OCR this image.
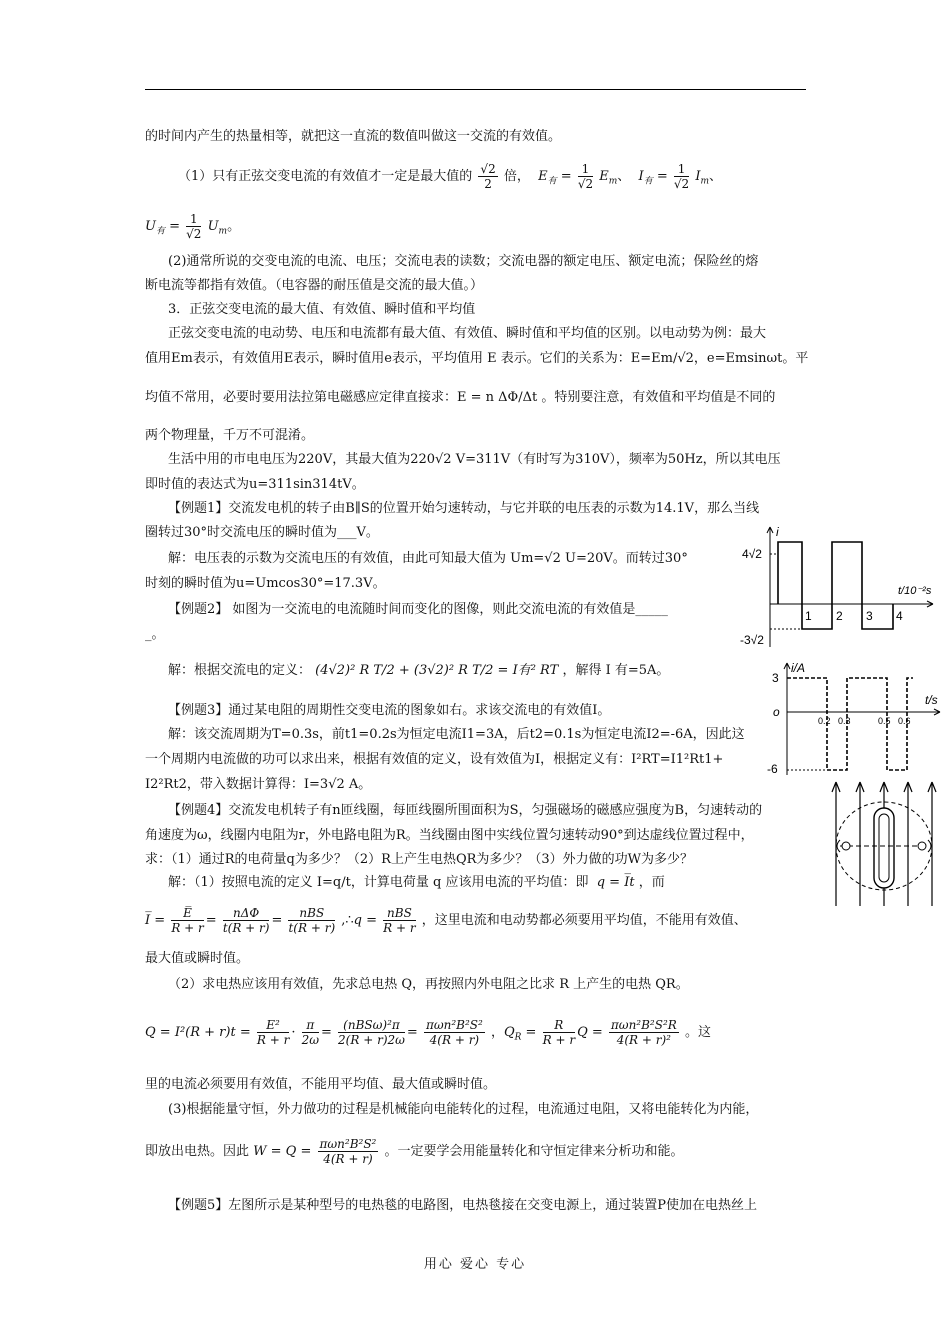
的时间内产生的热量相等，就把这一直流的数值叫做这一交流的有效值。
（1）只有正弦交变电流的有效值才一定是最大值的 $\frac{√2}{2}$ 倍，  $E_有 = \frac{1}{√2} E_m$、  $I_有 = \frac{1}{√2} I_m$、
$U_有 = \frac{1}{√2} U_m$。
(2)通常所说的交变电流的电流、电压；交流电表的读数；交流电器的额定电压、额定电流；保险丝的熔
断电流等都指有效值。（电容器的耐压值是交流的最大值。）
3．正弦交变电流的最大值、有效值、瞬时值和平均值
正弦交变电流的电动势、电压和电流都有最大值、有效值、瞬时值和平均值的区别。以电动势为例：最大
值用Em表示，有效值用E表示，瞬时值用e表示，平均值用 E 表示。它们的关系为：E=Em/√2，e=Emsinωt。平
均值不常用，必要时要用法拉第电磁感应定律直接求：E = n ΔΦ/Δt 。特别要注意，有效值和平均值是不同的
两个物理量，千万不可混淆。
生活中用的市电电压为220V，其最大值为220√2 V=311V（有时写为310V），频率为50Hz，所以其电压
即时值的表达式为u=311sin314tV。
【例题1】交流发电机的转子由B∥S的位置开始匀速转动，与它并联的电压表的示数为14.1V，那么当线
圈转过30°时交流电压的瞬时值为___V。
解：电压表的示数为交流电压的有效值，由此可知最大值为 Um=√2 U=20V。而转过30°
时刻的瞬时值为u=Umcos30°=17.3V。
【例题2】 如图为一交流电的电流随时间而变化的图像，则此交流电流的有效值是_____
_。
解：根据交流电的定义： (4√2)² R T/2 + (3√2)² R T/2 = I有² RT ，解得 I 有=5A。
【例题3】通过某电阻的周期性交变电流的图象如右。求该交流电的有效值I。
解：该交流周期为T=0.3s，前t1=0.2s为恒定电流I1=3A，后t2=0.1s为恒定电流I2=-6A，因此这
一个周期内电流做的功可以求出来，根据有效值的定义，设有效值为I，根据定义有：I²RT=I1²Rt1+
I2²Rt2，带入数据计算得：I=3√2 A。
【例题4】交流发电机转子有n匝线圈，每匝线圈所围面积为S，匀强磁场的磁感应强度为B，匀速转动的
角速度为ω，线圈内电阻为r，外电路电阻为R。当线圈由图中实线位置匀速转动90°到达虚线位置过程中，
求：（1）通过R的电荷量q为多少？（2）R上产生电热QR为多少？（3）外力做的功W为多少？
解：（1）按照电流的定义 I=q/t，计算电荷量 q 应该用电流的平均值：即  q = I̅t ，而
I̅ = $\frac{E̅}{R + r} = \frac{\text{nΔΦ}}{t(R + r)} = \frac{\text{nBS}}{t(R + r)}$ ,∴q = $\frac{\text{nBS}}{R + r}$ ，这里电流和电动势都必须要用平均值，不能用有效值、
最大值或瞬时值。
（2）求电热应该用有效值，先求总电热 Q，再按照内外电阻之比求 R 上产生的电热 QR。
$Q = I^2(R + r)t = \frac{\text{E²}}{R + r} \cdot \frac{\pi}{2\omega} = \frac{\text{(nBSω)²π}}{2(R + r)2\omega} = \frac{\text{πωn²B²S²}}{4(R + r)}$ ，$Q_R = \frac{R}{R + r}$ $Q = \frac{\text{πωn²B²S²R}}{\text{4(R + r)²}}$ 。这
里的电流必须要用有效值，不能用平均值、最大值或瞬时值。
(3)根据能量守恒，外力做功的过程是机械能向电能转化的过程，电流通过电阻，又将电能转化为内能，
即放出电热。因此 $W = Q = \frac{\text{πωn²B²S²}}{4(R + r)}$ 。一定要学会用能量转化和守恒定律来分析功和能。
【例题5】左图所示是某种型号的电热毯的电路图，电热毯接在交变电源上，通过装置P使加在电热丝上
i
t/10⁻²s
4√2
-3√2
1 2 3 4
i/A
t/s
3
o
-6
0.2 0.3	0.5 0.6
用心 爱心 专心
